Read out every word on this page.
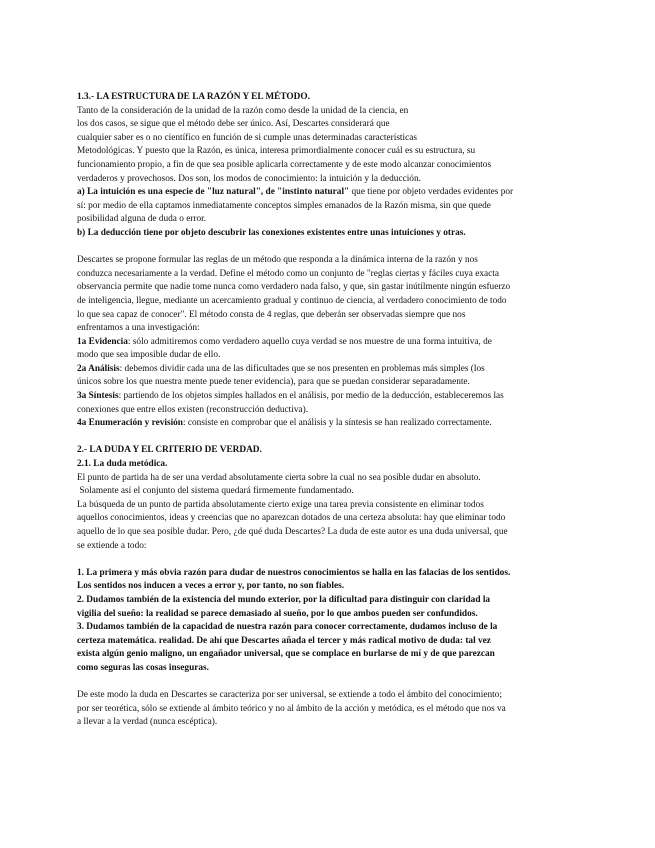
1.3.- LA ESTRUCTURA DE LA RAZÓN Y EL MÉTODO.

Tanto de la consideración de la unidad de la razón como desde la unidad de la ciencia, en

los dos casos, se sigue que el método debe ser único. Así, Descartes considerará que

cualquier saber es o no científico en función de si cumple unas determinadas características

Metodológicas. Y puesto que la Razón, es única, interesa primordialmente conocer cuál es su estructura, su

funcionamiento propio, a fin de que sea posible aplicarla correctamente y de este modo alcanzar conocimientos

verdaderos y provechosos. Dos son, los modos de conocimiento: la intuición y la deducción.

a) La intuición es una especie de "luz natural", de "instinto natural" que tiene por objeto verdades evidentes por

sí: por medio de ella captamos inmediatamente conceptos simples emanados de la Razón misma, sin que quede

posibilidad alguna de duda o error.

b) La deducción tiene por objeto descubrir las conexiones existentes entre unas intuiciones y otras.

Descartes se propone formular las reglas de un método que responda a la dinámica interna de la razón y nos

conduzca necesariamente a la verdad. Define el método como un conjunto de "reglas ciertas y fáciles cuya exacta

observancia permite que nadie tome nunca como verdadero nada falso, y que, sin gastar inútilmente ningún esfuerzo

de inteligencia, llegue, mediante un acercamiento gradual y continuo de ciencia, al verdadero conocimiento de todo

lo que sea capaz de conocer". El método consta de 4 reglas, que deberán ser observadas siempre que nos

enfrentamos a una investigación:

1a Evidencia: sólo admitiremos como verdadero aquello cuya verdad se nos muestre de una forma intuitiva, de

modo que sea imposible dudar de ello.

2a Análisis: debemos dividir cada una de las dificultades que se nos presenten en problemas más simples (los

únicos sobre los que nuestra mente puede tener evidencia), para que se puedan considerar separadamente.

3a Síntesis: partiendo de los objetos simples hallados en el análisis, por medio de la deducción, estableceremos las

conexiones que entre ellos existen (reconstrucción deductiva).

4a Enumeración y revisión: consiste en comprobar que el análisis y la síntesis se han realizado correctamente.

2.- LA DUDA Y EL CRITERIO DE VERDAD.

2.1. La duda metódica.

El punto de partida ha de ser una verdad absolutamente cierta sobre la cual no sea posible dudar en absoluto.

Solamente así el conjunto del sistema quedará firmemente fundamentado.

La búsqueda de un punto de partida absolutamente cierto exige una tarea previa consistente en eliminar todos

aquellos conocimientos, ideas y creencias que no aparezcan dotados de una certeza absoluta: hay que eliminar todo

aquello de lo que sea posible dudar. Pero, ¿de qué duda Descartes? La duda de este autor es una duda universal, que

se extiende a todo:

1. La primera y más obvia razón para dudar de nuestros conocimientos se halla en las falacias de los sentidos.

Los sentidos nos inducen a veces a error y, por tanto, no son fiables.

2. Dudamos también de la existencia del mundo exterior, por la dificultad para distinguir con claridad la

vigilia del sueño: la realidad se parece demasiado al sueño, por lo que ambos pueden ser confundidos.

3. Dudamos también de la capacidad de nuestra razón para conocer correctamente, dudamos incluso de la

certeza matemática. realidad. De ahí que Descartes añada el tercer y más radical motivo de duda: tal vez

exista algún genio maligno, un engañador universal, que se complace en burlarse de mí y de que parezcan

como seguras las cosas inseguras.

De este modo la duda en Descartes se caracteriza por ser universal, se extiende a todo el ámbito del conocimiento;

por ser teorética, sólo se extiende al ámbito teórico y no al ámbito de la acción y metódica, es el método que nos va

a llevar a la verdad (nunca escéptica).
